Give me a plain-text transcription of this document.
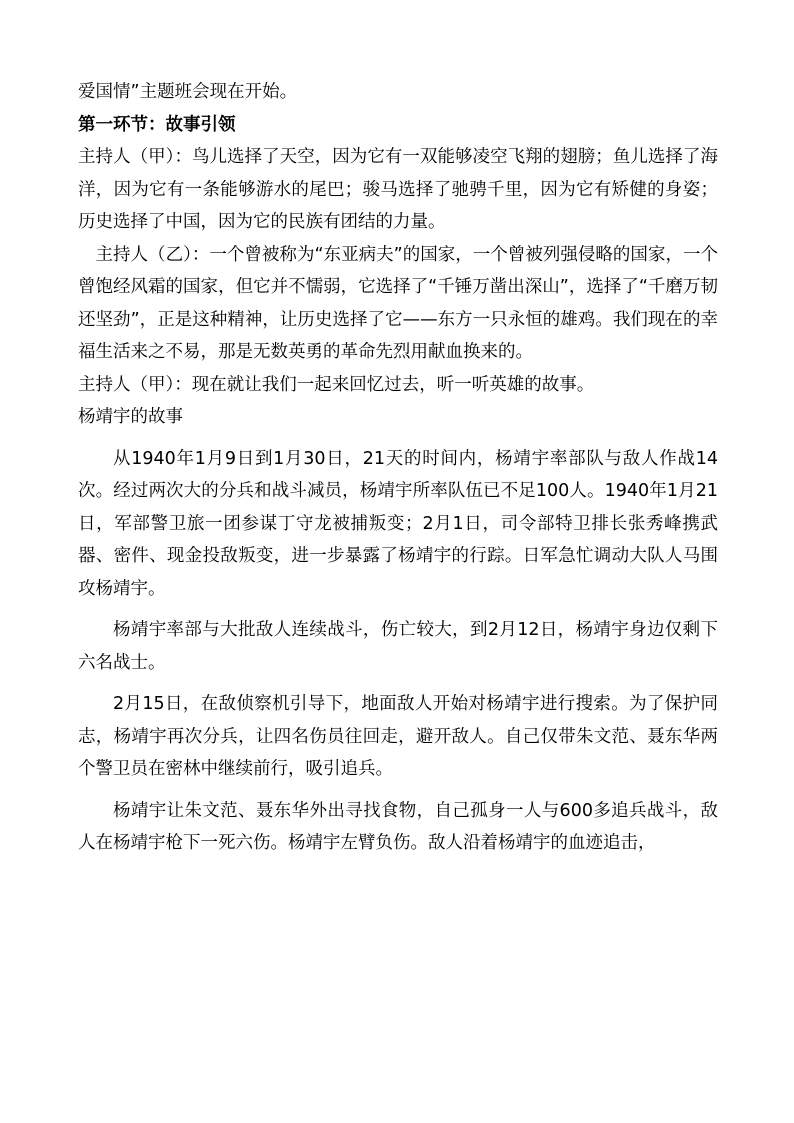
爱国情”主题班会现在开始。

第一环节：故事引领

主持人（甲）：鸟儿选择了天空，因为它有一双能够凌空飞翔的翅膀；鱼儿选择了海洋，因为它有一条能够游水的尾巴；骏马选择了驰骋千里，因为它有矫健的身姿；历史选择了中国，因为它的民族有团结的力量。

主持人（乙）：一个曾被称为“东亚病夫”的国家，一个曾被列强侵略的国家，一个曾饱经风霜的国家，但它并不懦弱，它选择了“千锤万凿出深山”，选择了“千磨万韧还坚劲”，正是这种精神，让历史选择了它——东方一只永恒的雄鸡。我们现在的幸福生活来之不易，那是无数英勇的革命先烈用献血换来的。

主持人（甲）：现在就让我们一起来回忆过去，听一听英雄的故事。

杨靖宇的故事

从1940年1月9日到1月30日，21天的时间内，杨靖宇率部队与敌人作战14次。经过两次大的分兵和战斗减员，杨靖宇所率队伍已不足100人。1940年1月21日，军部警卫旅一团参谋丁守龙被捕叛变；2月1日，司令部特卫排长张秀峰携武器、密件、现金投敌叛变，进一步暴露了杨靖宇的行踪。日军急忙调动大队人马围攻杨靖宇。

杨靖宇率部与大批敌人连续战斗，伤亡较大，到2月12日，杨靖宇身边仅剩下六名战士。

2月15日，在敌侦察机引导下，地面敌人开始对杨靖宇进行搜索。为了保护同志，杨靖宇再次分兵，让四名伤员往回走，避开敌人。自己仅带朱文范、聂东华两个警卫员在密林中继续前行，吸引追兵。

杨靖宇让朱文范、聂东华外出寻找食物，自己孤身一人与600多追兵战斗，敌人在杨靖宇枪下一死六伤。杨靖宇左臂负伤。敌人沿着杨靖宇的血迹追击，
